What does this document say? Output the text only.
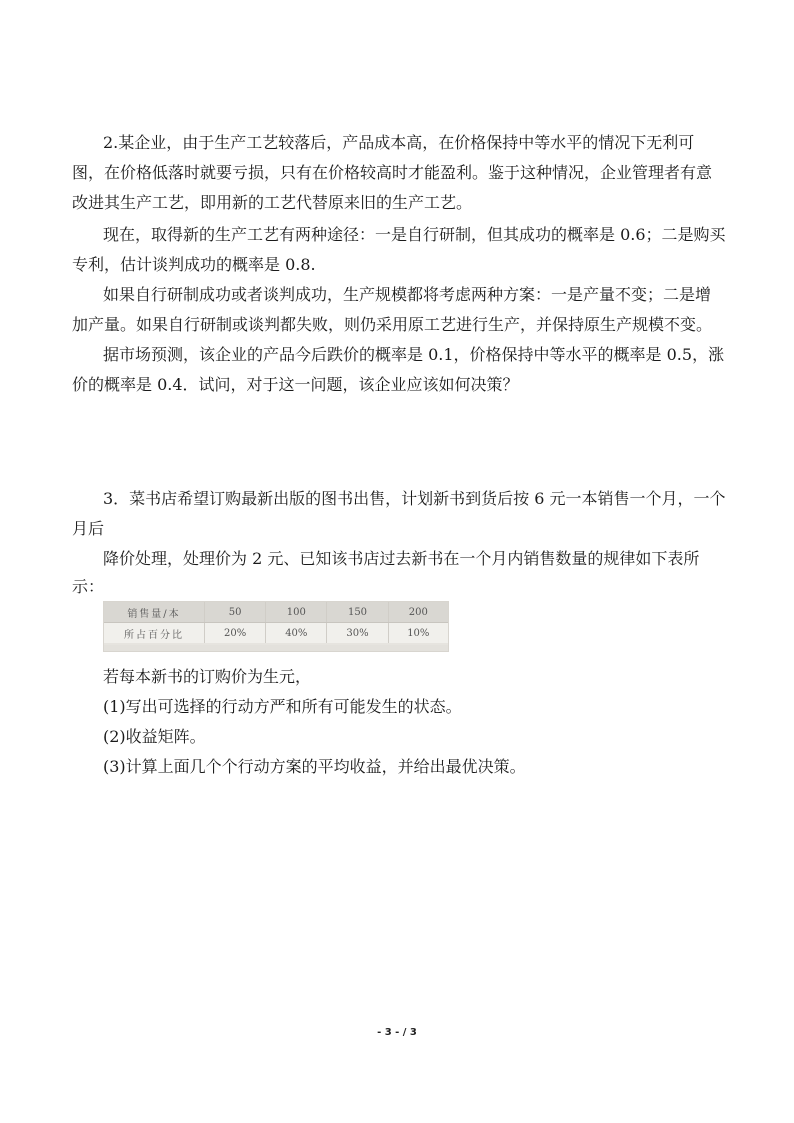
2.某企业，由于生产工艺较落后，产品成本高，在价格保持中等水平的情况下无利可

图，在价格低落时就要亏损，只有在价格较高时才能盈利。鉴于这种情况，企业管理者有意

改进其生产工艺，即用新的工艺代替原来旧的生产工艺。

现在，取得新的生产工艺有两种途径：一是自行研制，但其成功的概率是 0.6；二是购买

专利，估计谈判成功的概率是 0.8.

如果自行研制成功或者谈判成功，生产规模都将考虑两种方案：一是产量不变；二是增

加产量。如果自行研制或谈判都失败，则仍采用原工艺进行生产，并保持原生产规模不变。

据市场预测，该企业的产品今后跌价的概率是 0.1，价格保持中等水平的概率是 0.5，涨

价的概率是 0.4．试问，对于这一问题，该企业应该如何决策？

3．菜书店希望订购最新出版的图书出售，计划新书到货后按 6 元一本销售一个月，一个

月后

降价处理，处理价为 2 元、已知该书店过去新书在一个月内销售数量的规律如下表所

示：

销售量/本	50	100	150	200
所占百分比	20%	40%	30%	10%

若每本新书的订购价为生元，

(1)写出可选择的行动方严和所有可能发生的状态。

(2)收益矩阵。

(3)计算上面几个个行动方案的平均收益，并给出最优决策。

- 3 - / 3
